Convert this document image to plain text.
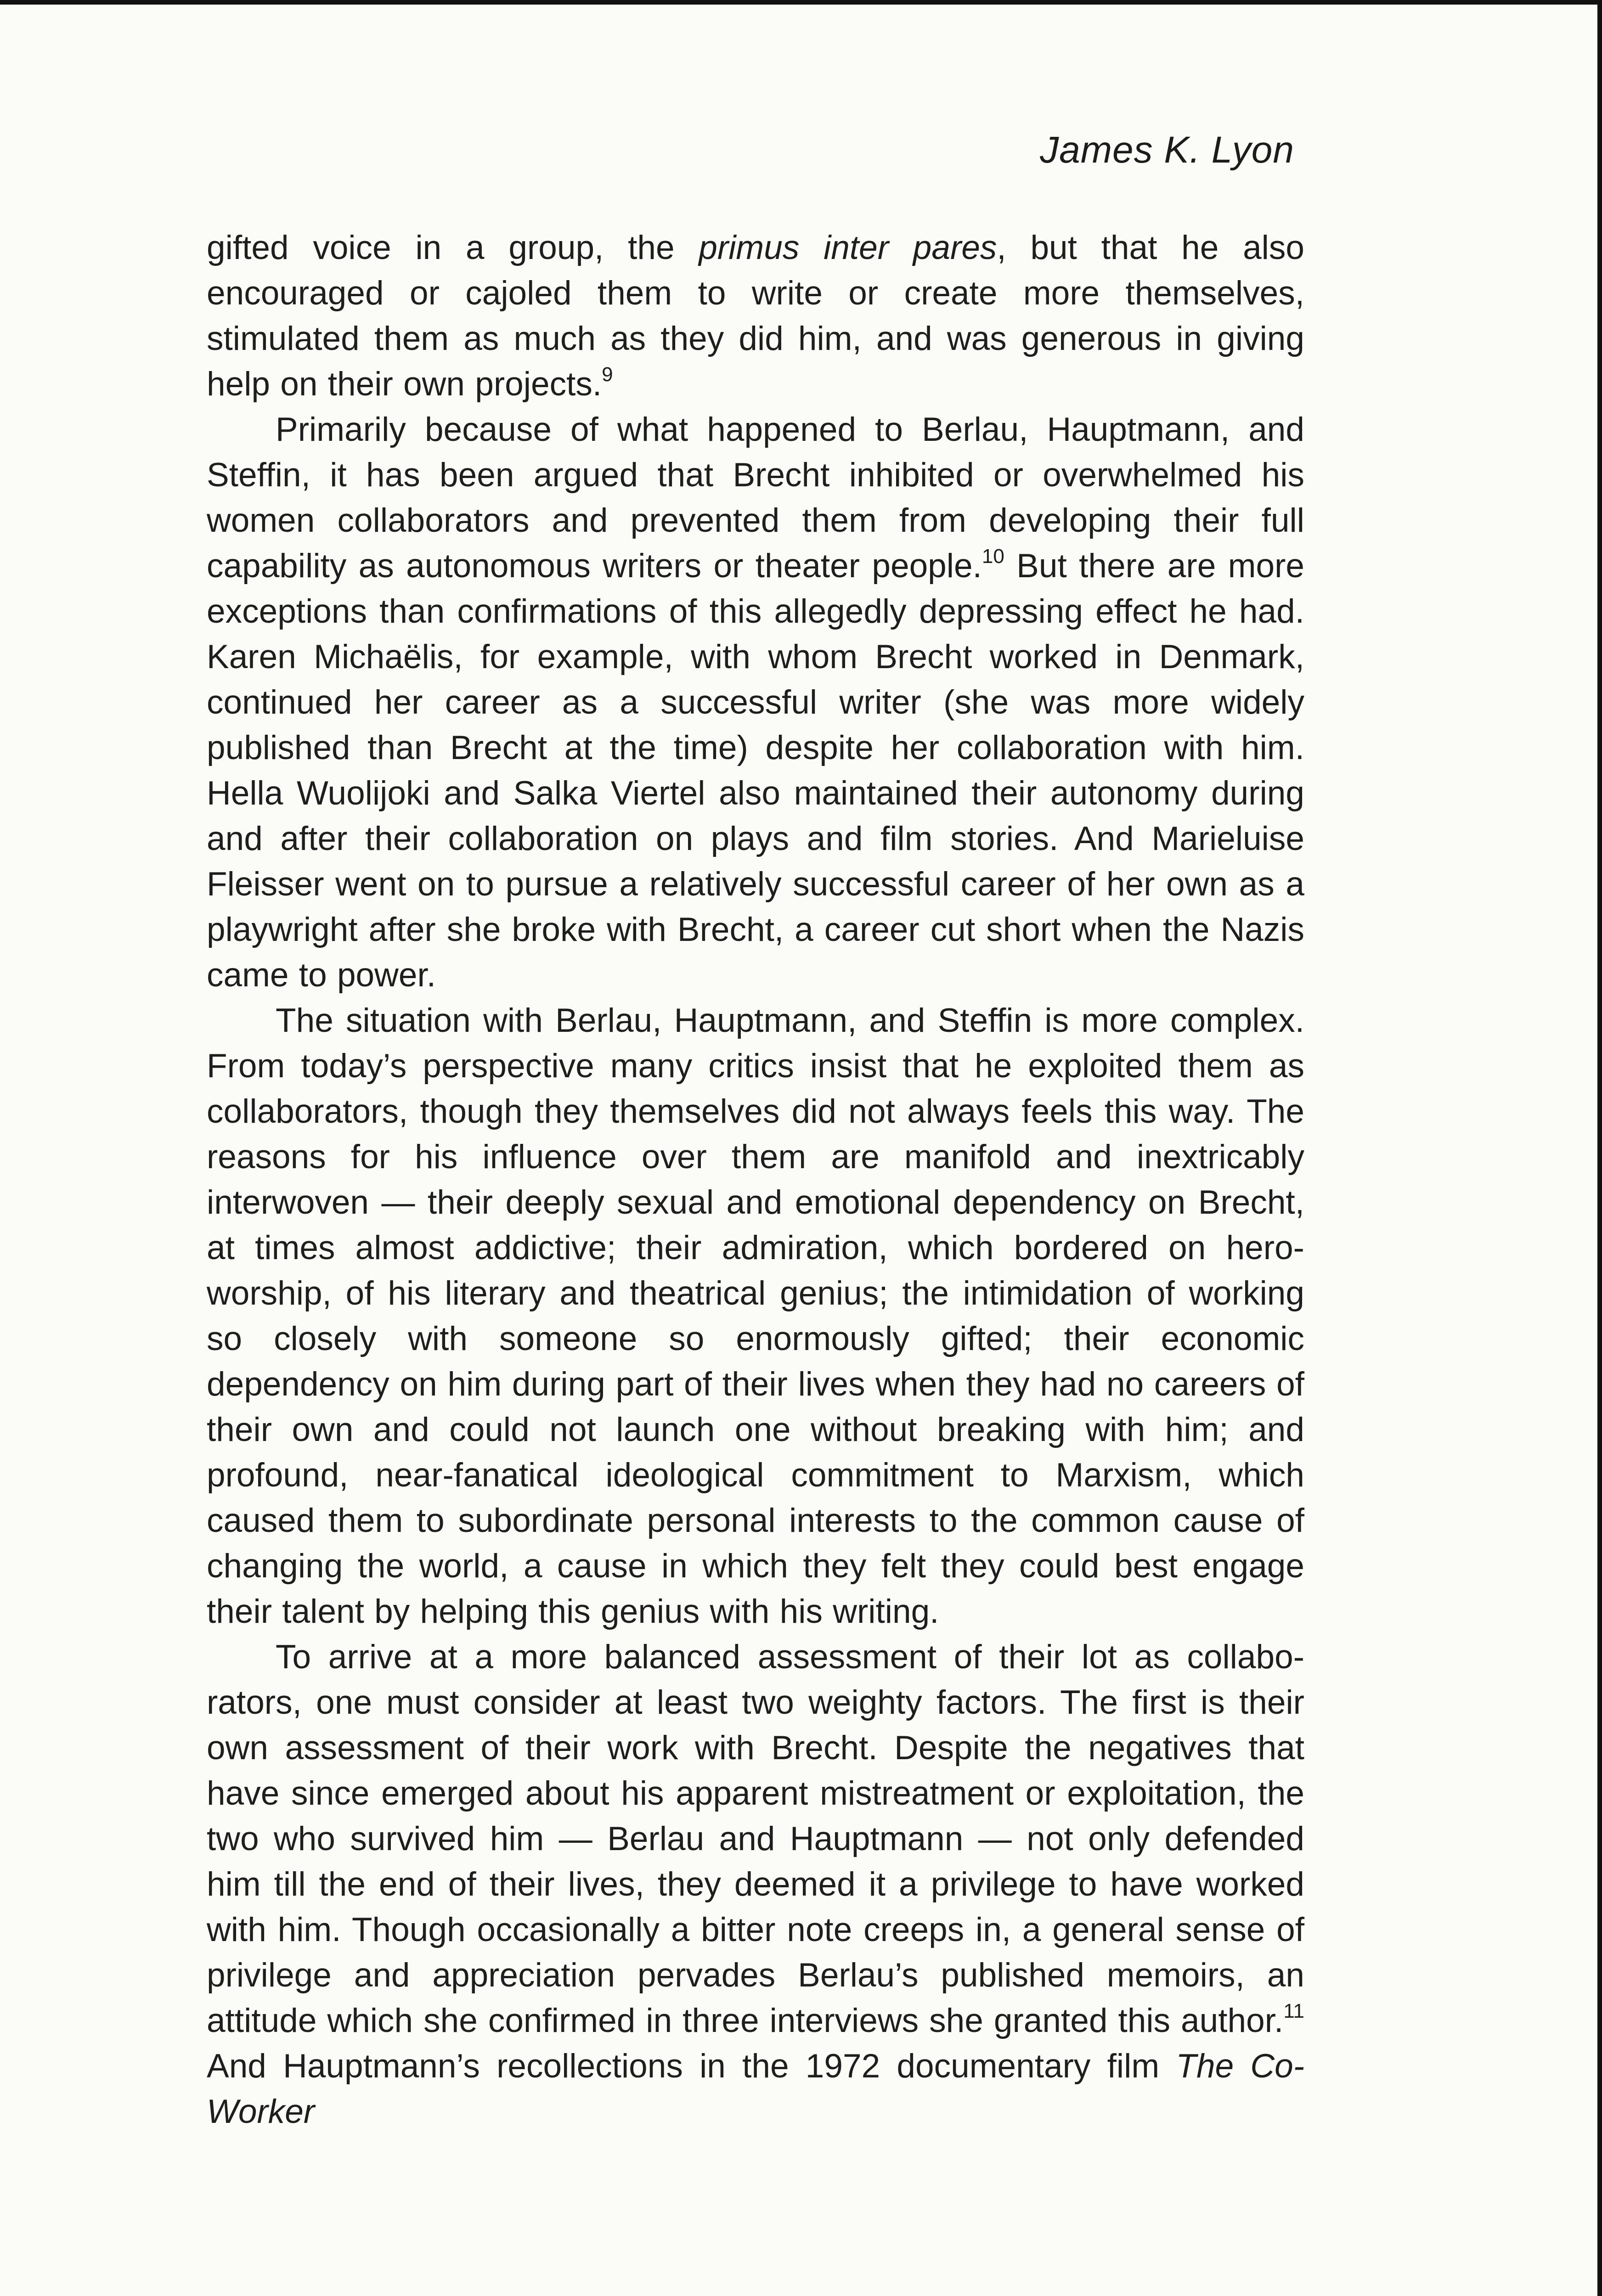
James K. Lyon

gifted voice in a group, the primus inter pares, but that he also encouraged or cajoled them to write or create more themselves, stimulated them as much as they did him, and was generous in giving help on their own projects.$^9$

Primarily because of what happened to Berlau, Hauptmann, and Steffin, it has been argued that Brecht inhibited or overwhelmed his women collaborators and prevented them from developing their full capability as autonomous writers or theater people.$^{10}$ But there are more exceptions than confirmations of this allegedly depressing effect he had. Karen Michaëlis, for example, with whom Brecht worked in Denmark, continued her career as a successful writer (she was more widely published than Brecht at the time) despite her collaboration with him. Hella Wuolijoki and Salka Viertel also maintained their autonomy during and after their collaboration on plays and film stories. And Marieluise Fleisser went on to pursue a relatively successful career of her own as a playwright after she broke with Brecht, a career cut short when the Nazis came to power.

The situation with Berlau, Hauptmann, and Steffin is more complex. From today’s perspective many critics insist that he exploited them as collaborators, though they themselves did not always feels this way. The reasons for his influence over them are manifold and inextricably interwoven — their deeply sexual and emotional dependency on Brecht, at times almost addictive; their admiration, which bordered on hero-worship, of his literary and theatrical genius; the intimidation of working so closely with someone so enormously gifted; their economic dependency on him during part of their lives when they had no careers of their own and could not launch one without breaking with him; and profound, near-fanatical ideological commitment to Marxism, which caused them to subordinate personal interests to the common cause of changing the world, a cause in which they felt they could best engage their talent by helping this genius with his writing.

To arrive at a more balanced assessment of their lot as collaborators, one must consider at least two weighty factors. The first is their own assessment of their work with Brecht. Despite the negatives that have since emerged about his apparent mistreatment or exploitation, the two who survived him — Berlau and Hauptmann — not only defended him till the end of their lives, they deemed it a privilege to have worked with him. Though occasionally a bitter note creeps in, a general sense of privilege and appreciation pervades Berlau’s published memoirs, an attitude which she confirmed in three interviews she granted this author.$^{11}$ And Hauptmann’s recollections in the 1972 documentary film The Co-Worker
